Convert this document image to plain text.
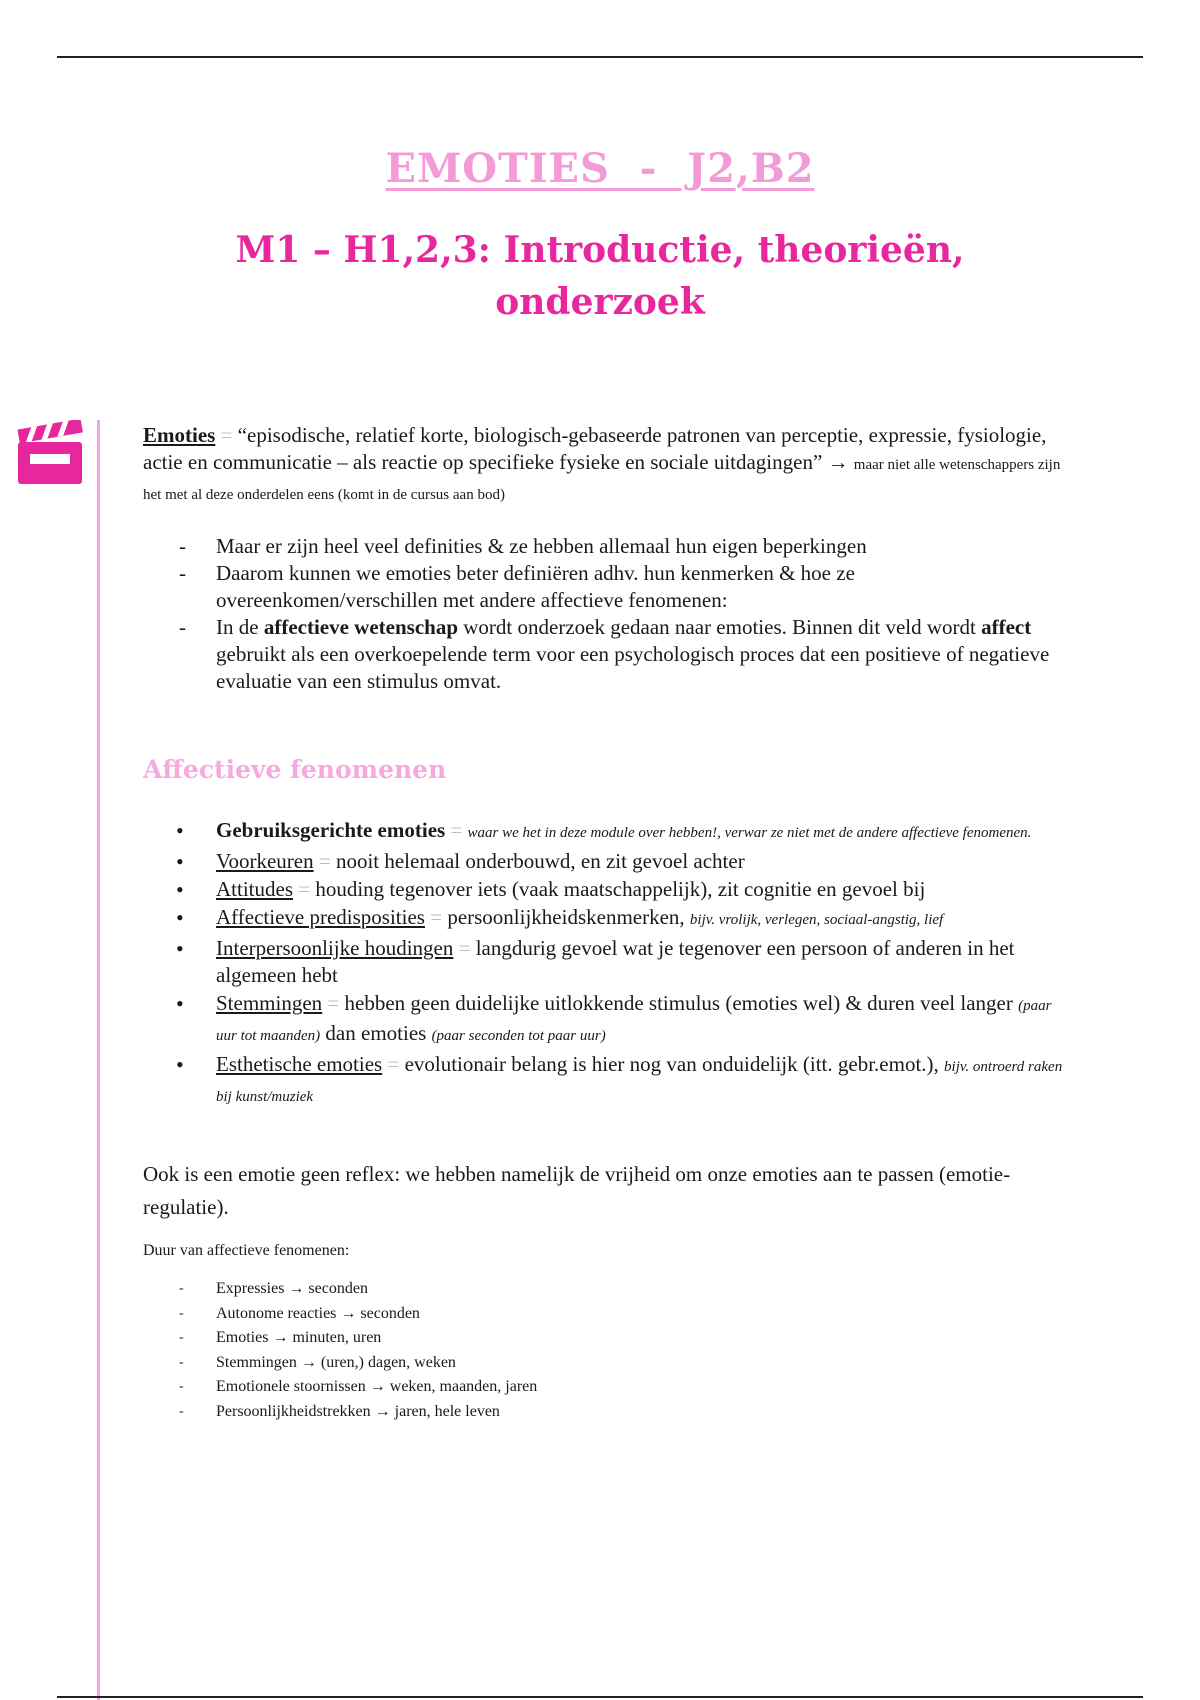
EMOTIES  -  J2,B2
M1 – H1,2,3: Introductie, theorieën, onderzoek
Emoties = “episodische, relatief korte, biologisch-gebaseerde patronen van perceptie, expressie, fysiologie, actie en communicatie – als reactie op specifieke fysieke en sociale uitdagingen” → maar niet alle wetenschappers zijn het met al deze onderdelen eens (komt in de cursus aan bod)
- Maar er zijn heel veel definities & ze hebben allemaal hun eigen beperkingen
- Daarom kunnen we emoties beter definiëren adhv. hun kenmerken & hoe ze overeenkomen/verschillen met andere affectieve fenomenen:
- In de affectieve wetenschap wordt onderzoek gedaan naar emoties. Binnen dit veld wordt affect gebruikt als een overkoepelende term voor een psychologisch proces dat een positieve of negatieve evaluatie van een stimulus omvat.
Affectieve fenomenen
• Gebruiksgerichte emoties = waar we het in deze module over hebben!, verwar ze niet met de andere affectieve fenomenen.
• Voorkeuren = nooit helemaal onderbouwd, en zit gevoel achter
• Attitudes = houding tegenover iets (vaak maatschappelijk), zit cognitie en gevoel bij
• Affectieve predisposities = persoonlijkheidskenmerken, bijv. vrolijk, verlegen, sociaal-angstig, lief
• Interpersoonlijke houdingen = langdurig gevoel wat je tegenover een persoon of anderen in het algemeen hebt
• Stemmingen = hebben geen duidelijke uitlokkende stimulus (emoties wel) & duren veel langer (paar uur tot maanden) dan emoties (paar seconden tot paar uur)
• Esthetische emoties = evolutionair belang is hier nog van onduidelijk (itt. gebr.emot.), bijv. ontroerd raken bij kunst/muziek
Ook is een emotie geen reflex: we hebben namelijk de vrijheid om onze emoties aan te passen (emotie-regulatie).
Duur van affectieve fenomenen:
- Expressies → seconden
- Autonome reacties → seconden
- Emoties → minuten, uren
- Stemmingen → (uren,) dagen, weken
- Emotionele stoornissen → weken, maanden, jaren
- Persoonlijkheidstrekken → jaren, hele leven
